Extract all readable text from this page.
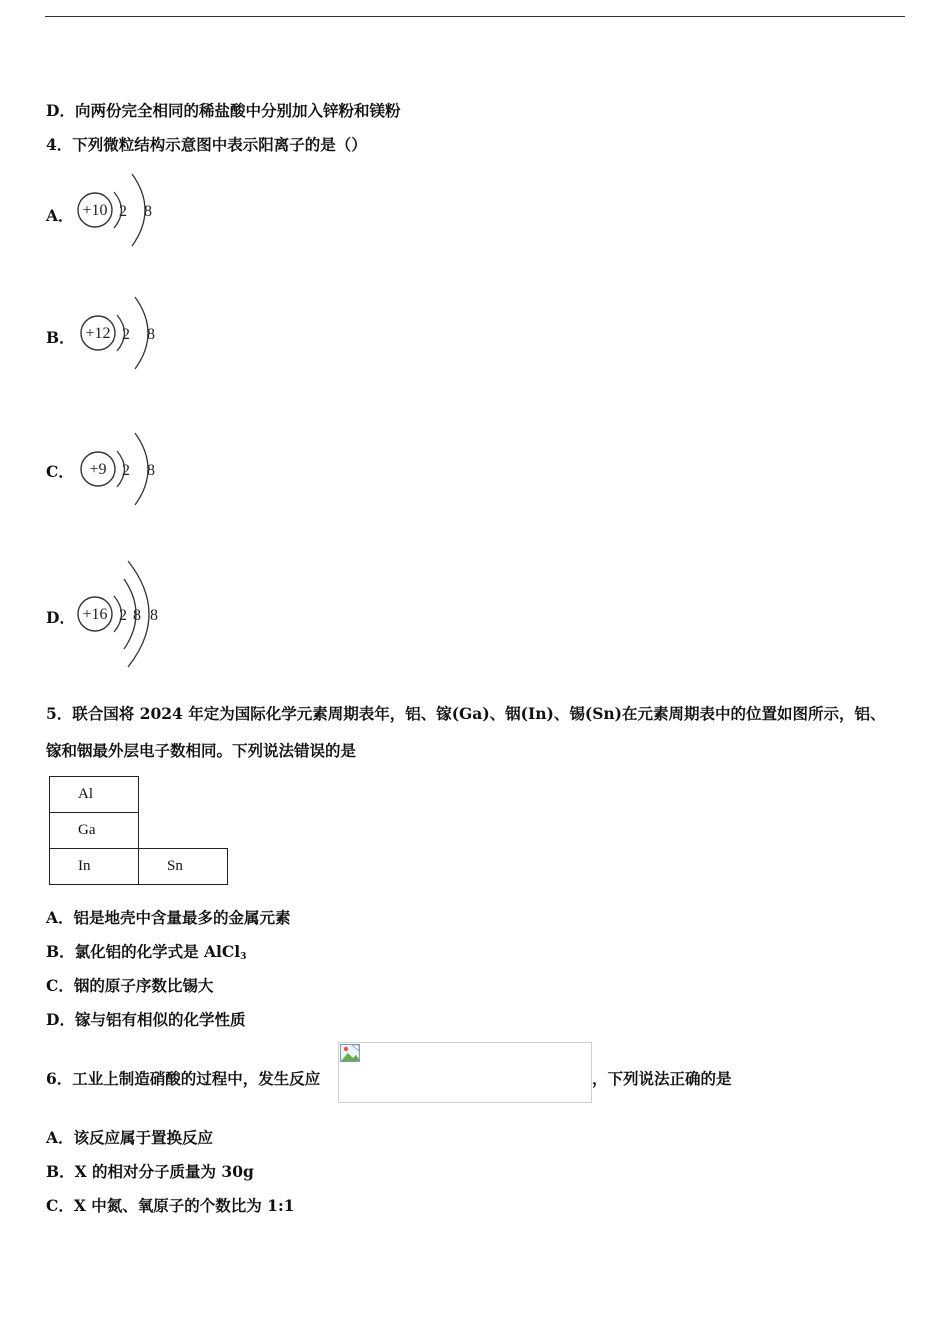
D．向两份完全相同的稀盐酸中分别加入锌粉和镁粉
4．下列微粒结构示意图中表示阳离子的是（）
A． +10 2 8
B． +12 2 8
C． +9 2 8
D． +16 2 8 8
5．联合国将 2024 年定为国际化学元素周期表年，铝、镓(Ga)、铟(In)、锡(Sn)在元素周期表中的位置如图所示，铝、
镓和铟最外层电子数相同。下列说法错误的是
Al	
Ga	
In	Sn
A．铝是地壳中含量最多的金属元素
B．氯化铝的化学式是 AlCl$_3$
C．铟的原子序数比锡大
D．镓与铝有相似的化学性质
6．工业上制造硝酸的过程中，发生反应	，下列说法正确的是
A．该反应属于置换反应
B．X 的相对分子质量为 30g
C．X 中氮、氧原子的个数比为 1:1
